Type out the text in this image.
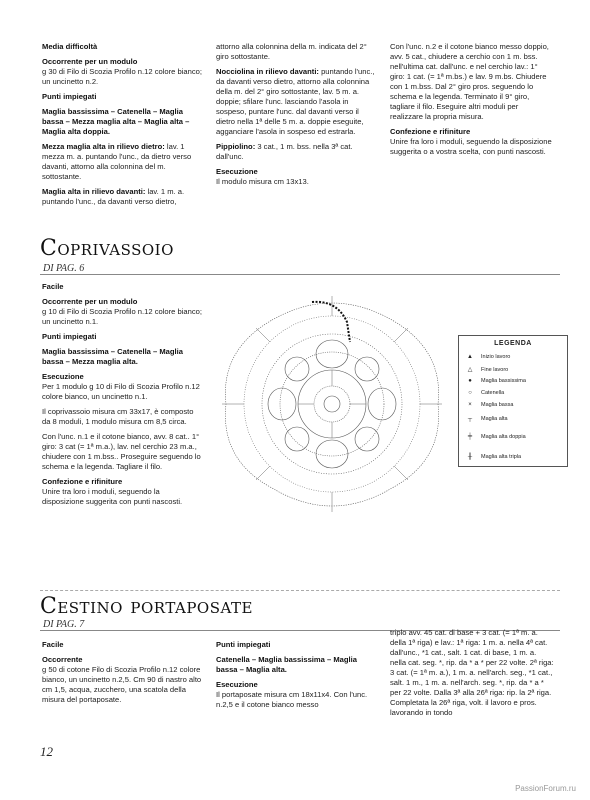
Media difficoltà

Occorrente per un modulo
g 30 di Filo di Scozia Profilo n.12 colore bianco; un uncinetto n.2.

Punti impiegati

Maglia bassissima – Catenella – Maglia bassa – Mezza maglia alta – Maglia alta – Maglia alta doppia.

Mezza maglia alta in rilievo dietro: lav. 1 mezza m. a. puntando l'unc., da dietro verso davanti, attorno alla colonnina del m. sottostante.

Maglia alta in rilievo davanti: lav. 1 m. a. puntando l'unc., da davanti verso dietro,

attorno alla colonnina della m. indicata del 2° giro sottostante.

Nocciolina in rilievo davanti: puntando l'unc., da davanti verso dietro, attorno alla colonnina della m. del 2° giro sottostante, lav. 5 m. a. doppie; sfilare l'unc. lasciando l'asola in sospeso, puntare l'unc. dal davanti verso il dietro nella 1ª delle 5 m. a. doppie eseguite, agganciare l'asola in sospeso ed estrarla.

Pippiolino: 3 cat., 1 m. bss. nella 3ª cat. dall'unc.

Esecuzione
Il modulo misura cm 13x13.

Con l'unc. n.2 e il cotone bianco messo doppio, avv. 5 cat., chiudere a cerchio con 1 m. bss. nell'ultima cat. dall'unc. e nel cerchio lav.: 1° giro: 1 cat. (= 1ª m.bs.) e lav. 9 m.bs. Chiudere con 1 m.bss. Dal 2° giro pros. seguendo lo schema e la legenda. Terminato il 9° giro, tagliare il filo. Eseguire altri moduli per realizzare la propria misura.

Confezione e rifiniture
Unire fra loro i moduli, seguendo la disposizione suggerita o a vostra scelta, con punti nascosti.

Coprivassoio
DI PAG. 6

Facile

Occorrente per un modulo
g 10 di Filo di Scozia Profilo n.12 colore bianco; un uncinetto n.1.

Punti impiegati

Maglia bassissima – Catenella – Maglia bassa – Mezza maglia alta.

Esecuzione
Per 1 modulo g 10 di Filo di Scozia Profilo n.12 colore bianco, un uncinetto n.1.

Il coprivassoio misura cm 33x17, è composto da 8 moduli, 1 modulo misura cm 8,5 circa.

Con l'unc. n.1 e il cotone bianco, avv. 8 cat.. 1° giro: 3 cat (= 1ª m.a.), lav. nel cerchio 23 m.a., chiudere con 1 m.bss.. Proseguire seguendo lo schema e la legenda. Tagliare il filo.

Confezione e rifiniture
Unire tra loro i moduli, seguendo la disposizione suggerita con punti nascosti.

LEGENDA
▲	Inizio lavoro
△	Fine lavoro
●	Maglia bassissima
○	Catenella
×	Maglia bassa
┬	Maglia alta
╪	Maglia alta doppia
╫	Maglia alta tripla
Cestino portaposate
DI PAG. 7

Facile

Occorrente
g 50 di cotone Filo di Scozia Profilo n.12 colore bianco, un uncinetto n.2,5. Cm 90 di nastro alto cm 1,5, acqua, zucchero, una scatola della misura del portaposate.

Punti impiegati

Catenella – Maglia bassissima – Maglia bassa – Maglia alta.

Esecuzione
Il portaposate misura cm 18x11x4. Con l'unc. n.2,5 e il cotone bianco messo

triplo avv. 45 cat. di base + 3 cat. (= 1ª m. a. della 1ª riga) e lav.: 1ª riga: 1 m. a. nella 4ª cat. dall'unc., *1 cat., salt. 1 cat. di base, 1 m. a. nella cat. seg. *, rip. da * a * per 22 volte. 2ª riga: 3 cat. (= 1ª m. a.), 1 m. a. nell'arch. seg., *1 cat., salt. 1 m., 1 m. a. nell'arch. seg. *, rip. da * a * per 22 volte. Dalla 3ª alla 26ª riga: rip. la 2ª riga. Completata la 26ª riga, volt. il lavoro e pros. lavorando in tondo

12
PassionForum.ru
